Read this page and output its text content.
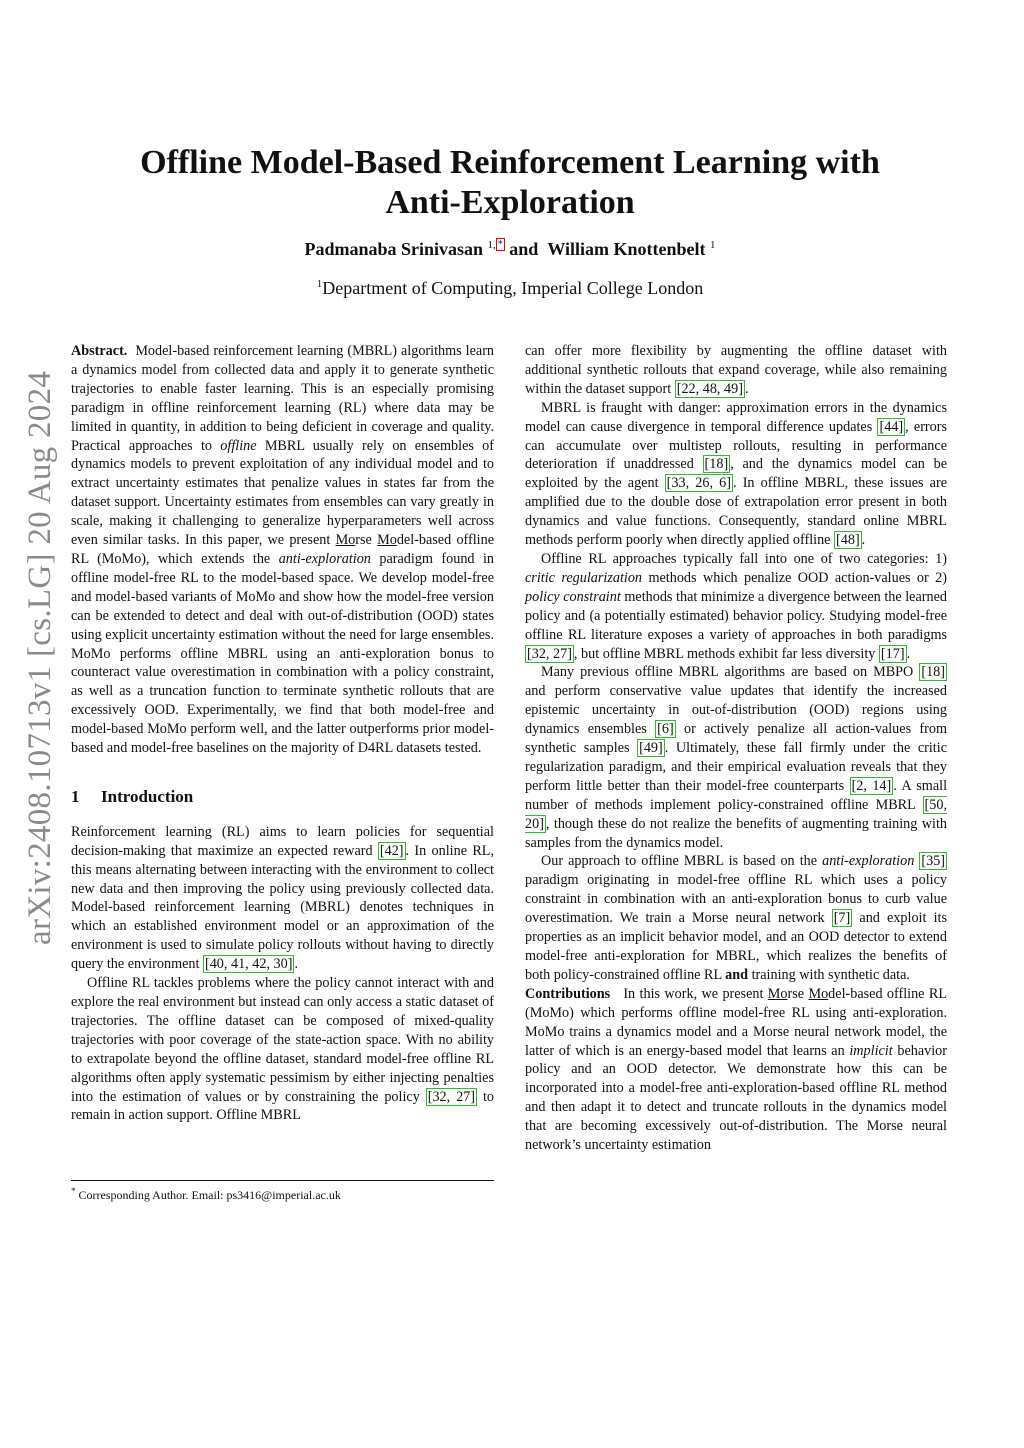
arXiv:2408.10713v1 [cs.LG] 20 Aug 2024
Offline Model-Based Reinforcement Learning with
Anti-Exploration
Padmanaba Srinivasan $^{1,}$ * and William Knottenbelt $^1$
$^1$Department of Computing, Imperial College London

Abstract. Model-based reinforcement learning (MBRL) algorithms learn a dynamics model from collected data and apply it to generate synthetic trajectories to enable faster learning. This is an especially promising paradigm in offline reinforcement learning (RL) where data may be limited in quantity, in addition to being deficient in coverage and quality. Practical approaches to offline MBRL usually rely on ensembles of dynamics models to prevent exploitation of any individual model and to extract uncertainty estimates that penalize values in states far from the dataset support. Uncertainty estimates from ensembles can vary greatly in scale, making it challenging to generalize hyperparameters well across even similar tasks. In this paper, we present Morse Model-based offline RL (MoMo), which extends the anti-exploration paradigm found in offline model-free RL to the model-based space. We develop model-free and model-based variants of MoMo and show how the model-free version can be extended to detect and deal with out-of-distribution (OOD) states using explicit uncertainty estimation without the need for large ensembles. MoMo performs offline MBRL using an anti-exploration bonus to counteract value overestimation in combination with a policy constraint, as well as a truncation function to terminate synthetic rollouts that are excessively OOD. Experimentally, we find that both model-free and model-based MoMo perform well, and the latter outperforms prior model-based and model-free baselines on the majority of D4RL datasets tested.

1 Introduction

Reinforcement learning (RL) aims to learn policies for sequential decision-making that maximize an expected reward [42] . In online RL, this means alternating between interacting with the environment to collect new data and then improving the policy using previously collected data. Model-based reinforcement learning (MBRL) denotes techniques in which an established environment model or an approximation of the environment is used to simulate policy rollouts without having to directly query the environment [40, 41, 42, 30] .

Offline RL tackles problems where the policy cannot interact with and explore the real environment but instead can only access a static dataset of trajectories. The offline dataset can be composed of mixed-quality trajectories with poor coverage of the state-action space. With no ability to extrapolate beyond the offline dataset, standard model-free offline RL algorithms often apply systematic pessimism by either injecting penalties into the estimation of values or by constraining the policy [32, 27] to remain in action support. Offline MBRL

* Corresponding Author. Email: ps3416@imperial.ac.uk

can offer more flexibility by augmenting the offline dataset with additional synthetic rollouts that expand coverage, while also remaining within the dataset support [22, 48, 49] .

MBRL is fraught with danger: approximation errors in the dynamics model can cause divergence in temporal difference updates [44] , errors can accumulate over multistep rollouts, resulting in performance deterioration if unaddressed [18] , and the dynamics model can be exploited by the agent [33, 26, 6] . In offline MBRL, these issues are amplified due to the double dose of extrapolation error present in both dynamics and value functions. Consequently, standard online MBRL methods perform poorly when directly applied offline [48] .

Offline RL approaches typically fall into one of two categories: 1) critic regularization methods which penalize OOD action-values or 2) policy constraint methods that minimize a divergence between the learned policy and (a potentially estimated) behavior policy. Studying model-free offline RL literature exposes a variety of approaches in both paradigms [32, 27] , but offline MBRL methods exhibit far less diversity [17] .

Many previous offline MBRL algorithms are based on MBPO [18] and perform conservative value updates that identify the increased epistemic uncertainty in out-of-distribution (OOD) regions using dynamics ensembles [6] or actively penalize all action-values from synthetic samples [49] . Ultimately, these fall firmly under the critic regularization paradigm, and their empirical evaluation reveals that they perform little better than their model-free counterparts [2, 14] . A small number of methods implement policy-constrained offline MBRL [50, 20] , though these do not realize the benefits of augmenting training with samples from the dynamics model.

Our approach to offline MBRL is based on the anti-exploration [35] paradigm originating in model-free offline RL which uses a policy constraint in combination with an anti-exploration bonus to curb value overestimation. We train a Morse neural network [7] and exploit its properties as an implicit behavior model, and an OOD detector to extend model-free anti-exploration for MBRL, which realizes the benefits of both policy-constrained offline RL and training with synthetic data.

Contributions In this work, we present Morse Model-based offline RL (MoMo) which performs offline model-free RL using anti-exploration. MoMo trains a dynamics model and a Morse neural network model, the latter of which is an energy-based model that learns an implicit behavior policy and an OOD detector. We demonstrate how this can be incorporated into a model-free anti-exploration-based offline RL method and then adapt it to detect and truncate rollouts in the dynamics model that are becoming excessively out-of-distribution. The Morse neural network’s uncertainty estimation
